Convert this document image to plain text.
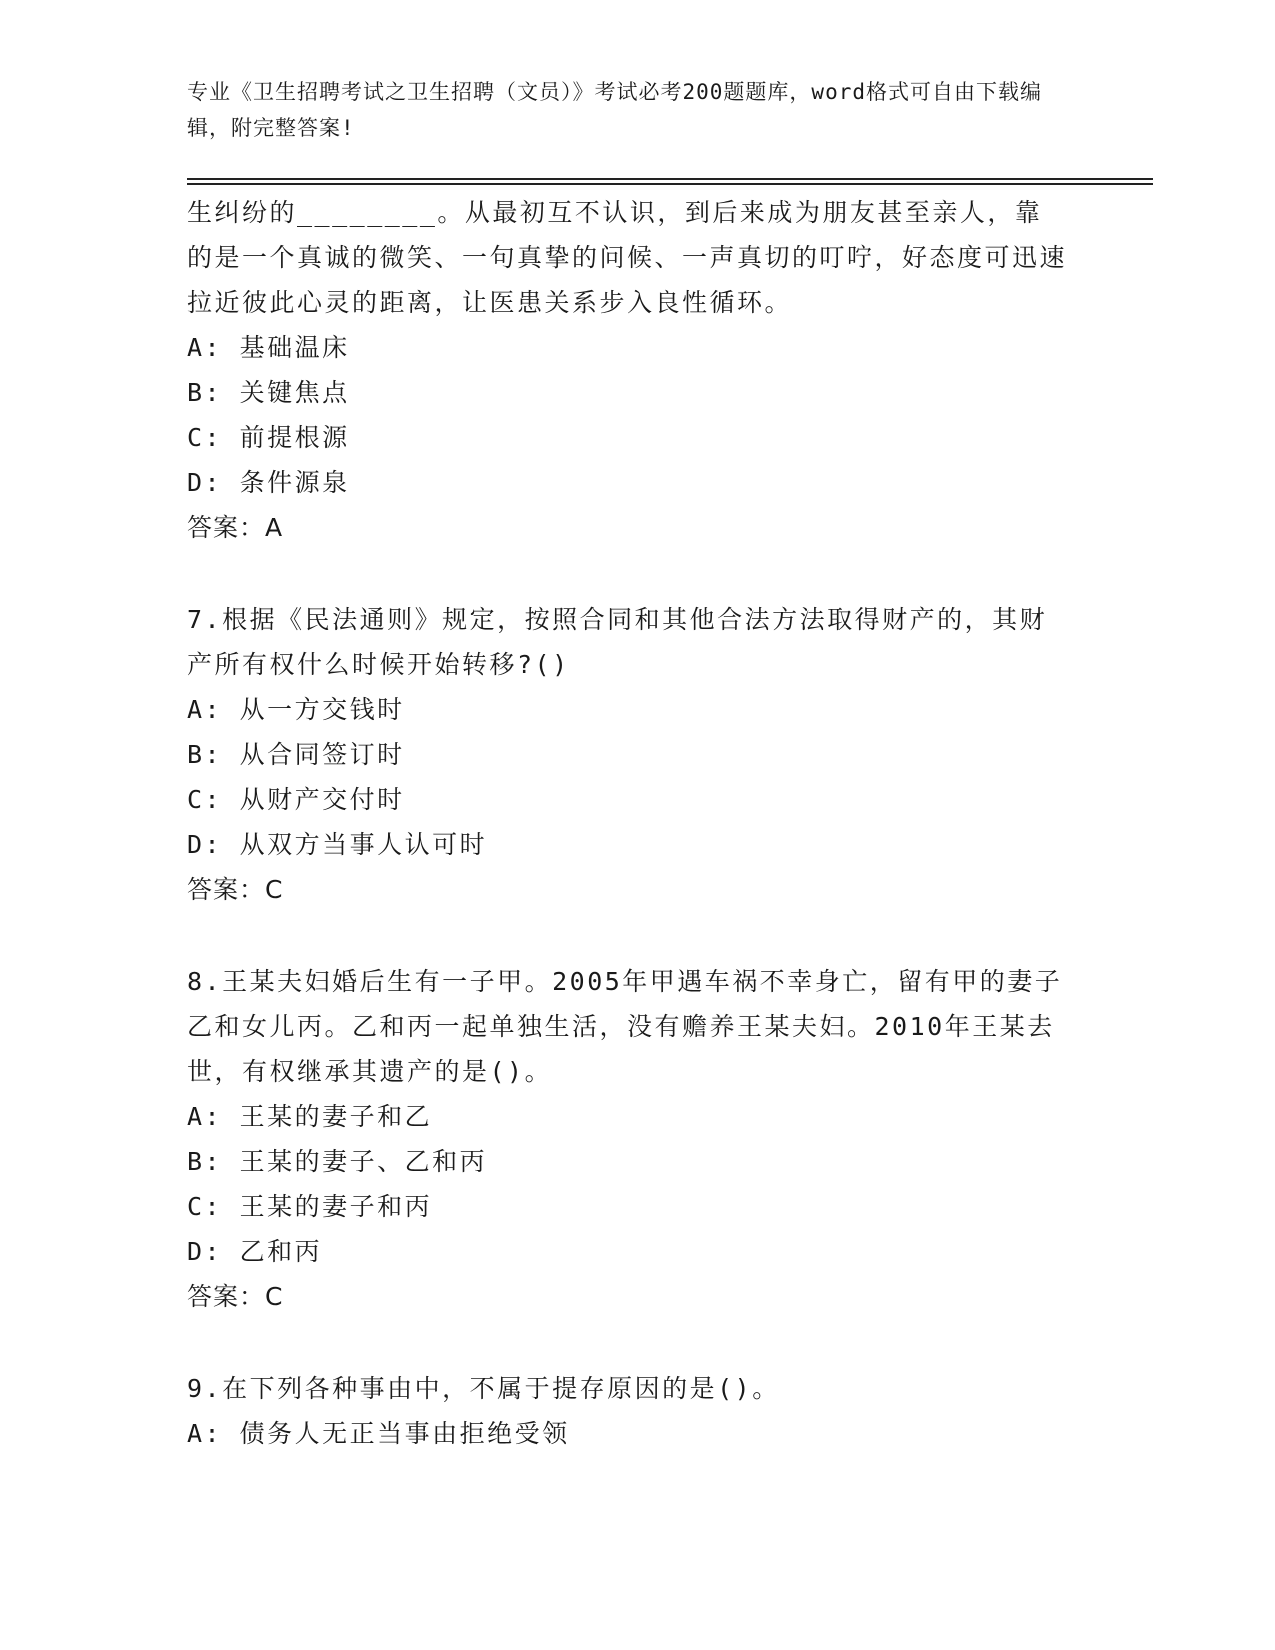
专业《卫生招聘考试之卫生招聘（文员）》考试必考200题题库，word格式可自由下载编辑，附完整答案!

生纠纷的________。从最初互不认识，到后来成为朋友甚至亲人，靠的是一个真诚的微笑、一句真挚的问候、一声真切的叮咛，好态度可迅速拉近彼此心灵的距离，让医患关系步入良性循环。

A: 基础温床
B: 关键焦点
C: 前提根源
D: 条件源泉

答案：A

7.根据《民法通则》规定，按照合同和其他合法方法取得财产的，其财产所有权什么时候开始转移?()

A: 从一方交钱时
B: 从合同签订时
C: 从财产交付时
D: 从双方当事人认可时

答案：C

8.王某夫妇婚后生有一子甲。2005年甲遇车祸不幸身亡，留有甲的妻子乙和女儿丙。乙和丙一起单独生活，没有赡养王某夫妇。2010年王某去世，有权继承其遗产的是()。

A: 王某的妻子和乙
B: 王某的妻子、乙和丙
C: 王某的妻子和丙
D: 乙和丙

答案：C

9.在下列各种事由中，不属于提存原因的是()。

A: 债务人无正当事由拒绝受领
